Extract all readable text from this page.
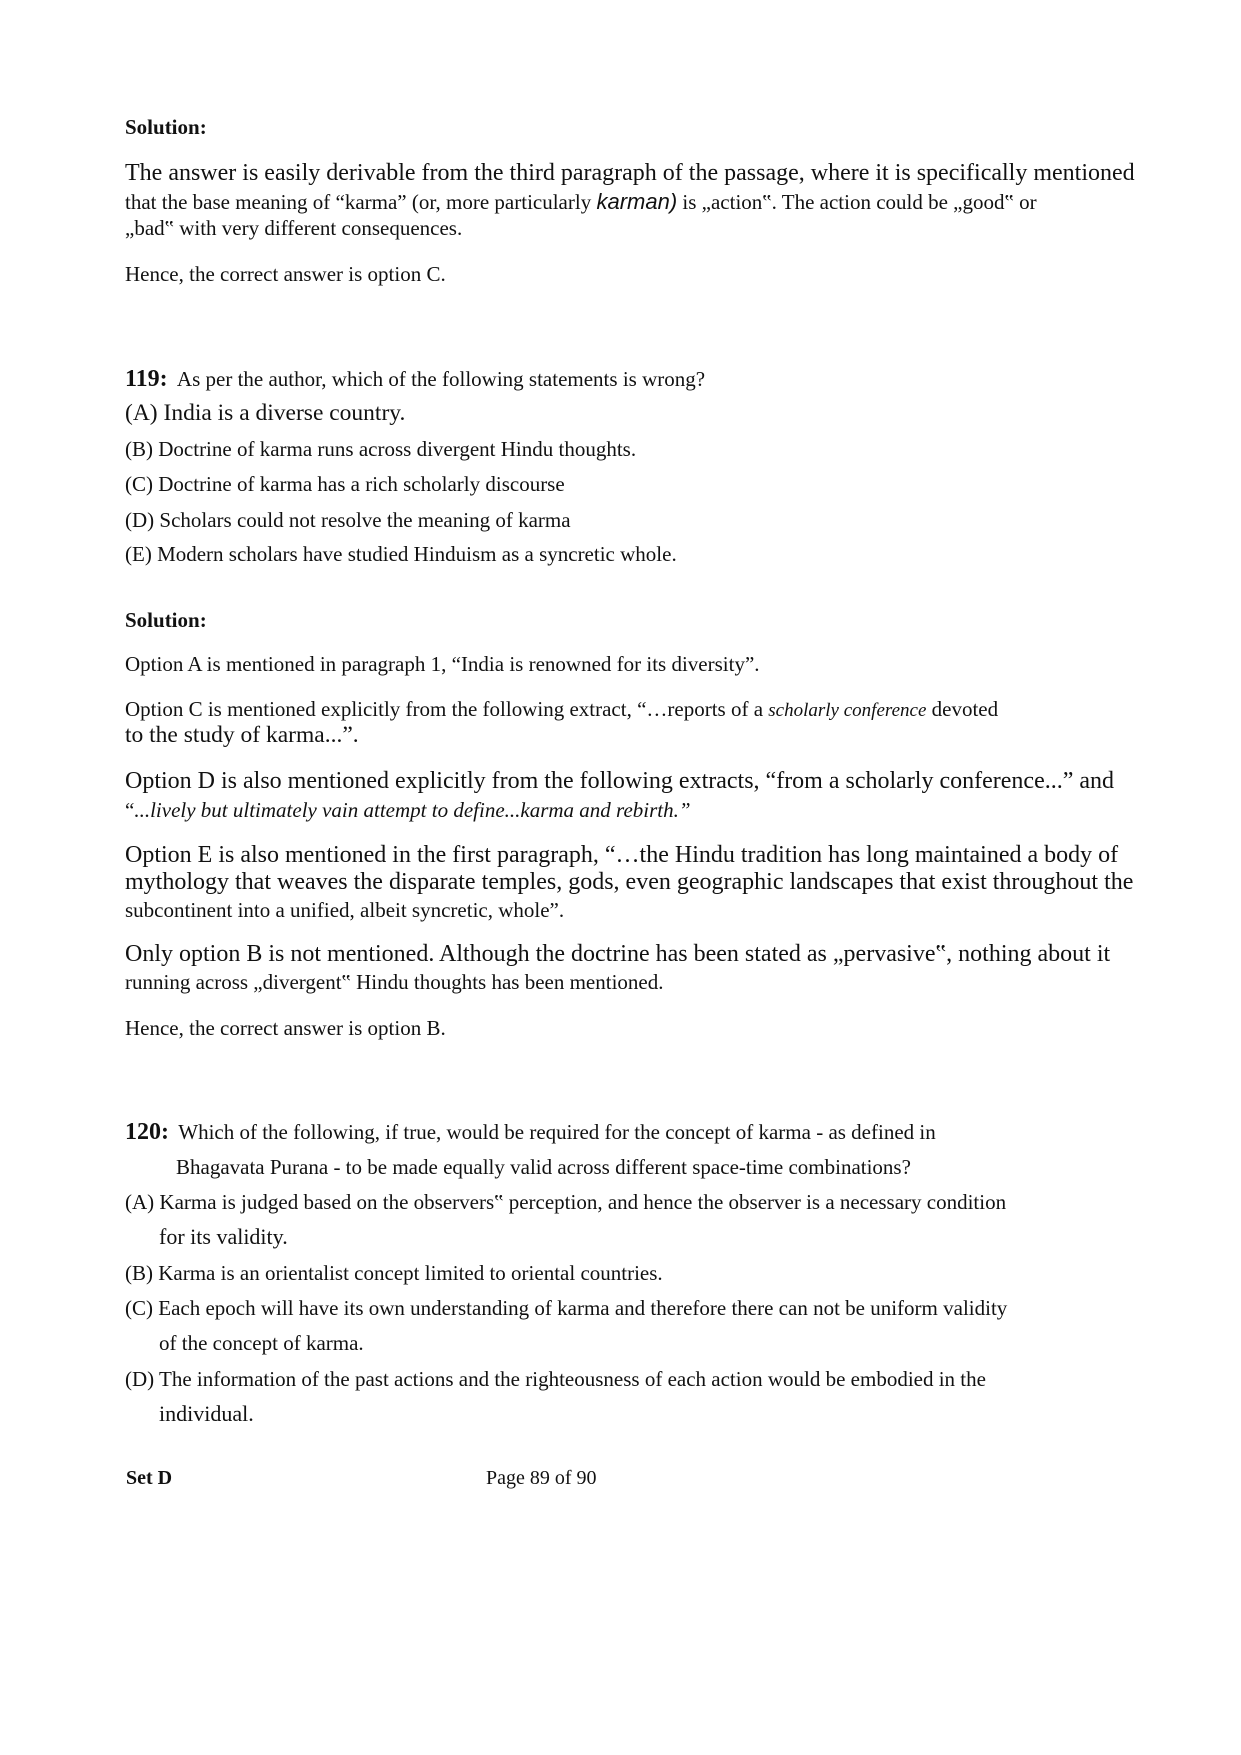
Solution:
The answer is easily derivable from the third paragraph of the passage, where it is specifically mentioned
that the base meaning of “karma” (or, more particularly karman) is „action‟. The action could be „good‟ or
„bad‟ with very different consequences.
Hence, the correct answer is option C.
119: As per the author, which of the following statements is wrong?
(A) India is a diverse country.
(B) Doctrine of karma runs across divergent Hindu thoughts.
(C) Doctrine of karma has a rich scholarly discourse
(D) Scholars could not resolve the meaning of karma
(E) Modern scholars have studied Hinduism as a syncretic whole.
Solution:
Option A is mentioned in paragraph 1, “India is renowned for its diversity”.
Option C is mentioned explicitly from the following extract, “…reports of a scholarly conference devoted
to the study of karma...”.
Option D is also mentioned explicitly from the following extracts, “from a scholarly conference...” and
“...lively but ultimately vain attempt to define...karma and rebirth.”
Option E is also mentioned in the first paragraph, “…the Hindu tradition has long maintained a body of
mythology that weaves the disparate temples, gods, even geographic landscapes that exist throughout the
subcontinent into a unified, albeit syncretic, whole”.
Only option B is not mentioned. Although the doctrine has been stated as „pervasive‟, nothing about it
running across „divergent‟ Hindu thoughts has been mentioned.
Hence, the correct answer is option B.
120: Which of the following, if true, would be required for the concept of karma - as defined in
Bhagavata Purana - to be made equally valid across different space-time combinations?
(A) Karma is judged based on the observers‟ perception, and hence the observer is a necessary condition
for its validity.
(B) Karma is an orientalist concept limited to oriental countries.
(C) Each epoch will have its own understanding of karma and therefore there can not be uniform validity
of the concept of karma.
(D) The information of the past actions and the righteousness of each action would be embodied in the
individual.
Set D	Page 89 of 90
